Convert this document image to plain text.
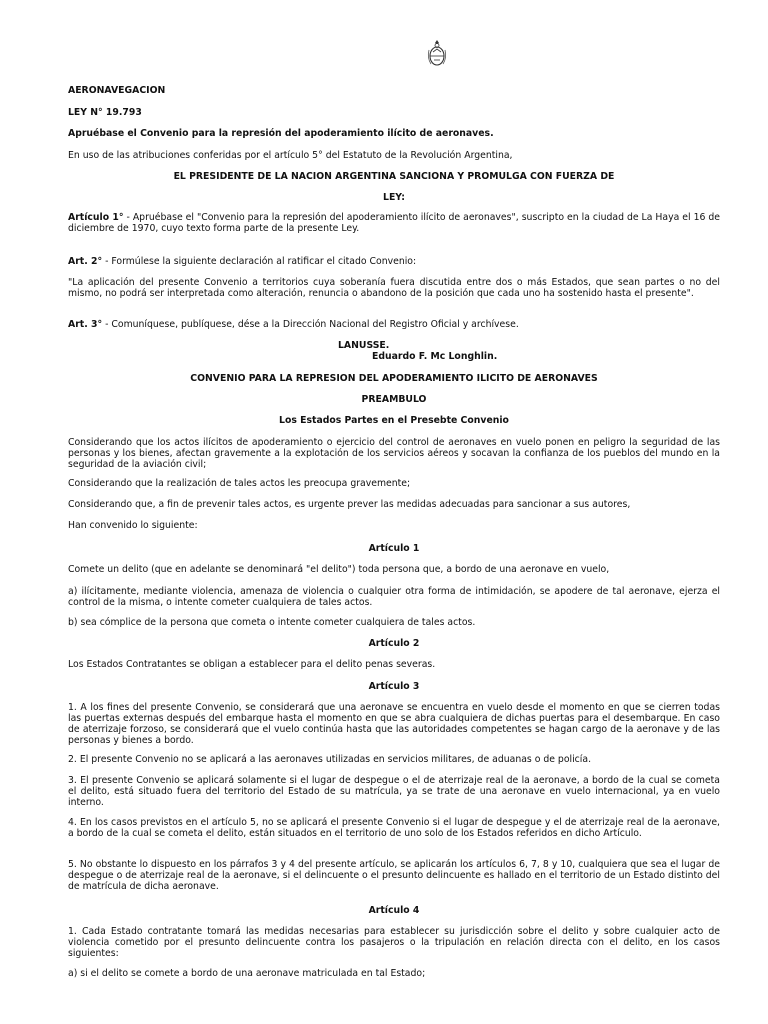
AERONAVEGACION

LEY N° 19.793

Apruébase el Convenio para la represión del apoderamiento ilícito de aeronaves.

En uso de las atribuciones conferidas por el artículo 5° del Estatuto de la Revolución Argentina,

EL PRESIDENTE DE LA NACION ARGENTINA SANCIONA Y PROMULGA CON FUERZA DE

LEY:

Artículo 1° - Apruébase el "Convenio para la represión del apoderamiento ilícito de aeronaves", suscripto en la ciudad de La Haya el 16 de diciembre de 1970, cuyo texto forma parte de la presente Ley.

Art. 2° - Formúlese la siguiente declaración al ratificar el citado Convenio:

"La aplicación del presente Convenio a territorios cuya soberanía fuera discutida entre dos o más Estados, que sean partes o no del mismo, no podrá ser interpretada como alteración, renuncia o abandono de la posición que cada uno ha sostenido hasta el presente".

Art. 3° - Comuníquese, publíquese, dése a la Dirección Nacional del Registro Oficial y archívese.

LANUSSE.

Eduardo F. Mc Longhlin.

CONVENIO PARA LA REPRESION DEL APODERAMIENTO ILICITO DE AERONAVES

PREAMBULO

Los Estados Partes en el Presebte Convenio

Considerando que los actos ilícitos de apoderamiento o ejercicio del control de aeronaves en vuelo ponen en peligro la seguridad de las personas y los bienes, afectan gravemente a la explotación de los servicios aéreos y socavan la confianza de los pueblos del mundo en la seguridad de la aviación civil;

Considerando que la realización de tales actos les preocupa gravemente;

Considerando que, a fin de prevenir tales actos, es urgente prever las medidas adecuadas para sancionar a sus autores,

Han convenido lo siguiente:

Artículo 1

Comete un delito (que en adelante se denominará "el delito") toda persona que, a bordo de una aeronave en vuelo,

a) ilícitamente, mediante violencia, amenaza de violencia o cualquier otra forma de intimidación, se apodere de tal aeronave, ejerza el control de la misma, o intente cometer cualquiera de tales actos.

b) sea cómplice de la persona que cometa o intente cometer cualquiera de tales actos.

Artículo 2

Los Estados Contratantes se obligan a establecer para el delito penas severas.

Artículo 3

1. A los fines del presente Convenio, se considerará que una aeronave se encuentra en vuelo desde el momento en que se cierren todas las puertas externas después del embarque hasta el momento en que se abra cualquiera de dichas puertas para el desembarque. En caso de aterrizaje forzoso, se considerará que el vuelo continúa hasta que las autoridades competentes se hagan cargo de la aeronave y de las personas y bienes a bordo.

2. El presente Convenio no se aplicará a las aeronaves utilizadas en servicios militares, de aduanas o de policía.

3. El presente Convenio se aplicará solamente si el lugar de despegue o el de aterrizaje real de la aeronave, a bordo de la cual se cometa el delito, está situado fuera del territorio del Estado de su matrícula, ya se trate de una aeronave en vuelo internacional, ya en vuelo interno.

4. En los casos previstos en el artículo 5, no se aplicará el presente Convenio si el lugar de despegue y el de aterrizaje real de la aeronave, a bordo de la cual se cometa el delito, están situados en el territorio de uno solo de los Estados referidos en dicho Artículo.

5. No obstante lo dispuesto en los párrafos 3 y 4 del presente artículo, se aplicarán los artículos 6, 7, 8 y 10, cualquiera que sea el lugar de despegue o de aterrizaje real de la aeronave, si el delincuente o el presunto delincuente es hallado en el territorio de un Estado distinto del de matrícula de dicha aeronave.

Artículo 4

1. Cada Estado contratante tomará las medidas necesarias para establecer su jurisdicción sobre el delito y sobre cualquier acto de violencia cometido por el presunto delincuente contra los pasajeros o la tripulación en relación directa con el delito, en los casos siguientes:

a) si el delito se comete a bordo de una aeronave matriculada en tal Estado;
